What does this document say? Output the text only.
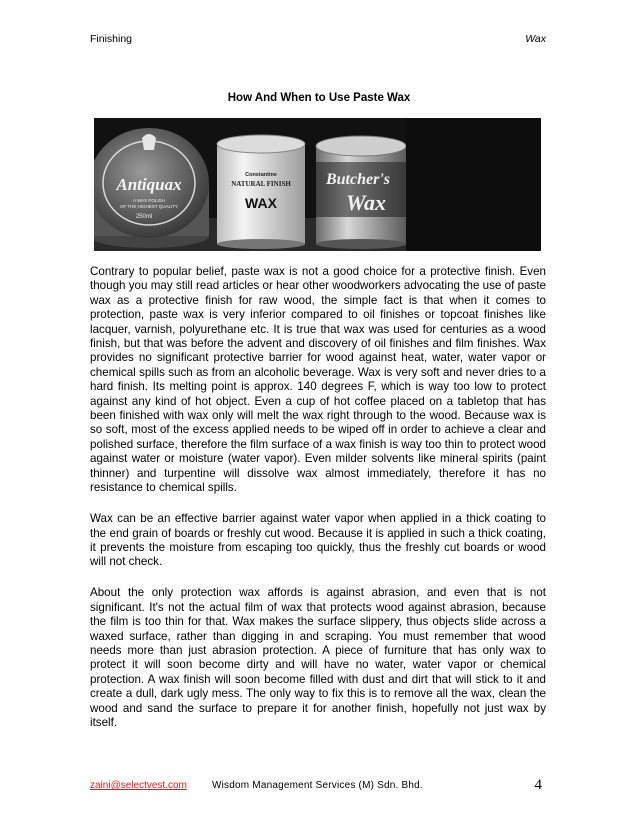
Finishing	Wax
How And When to Use Paste Wax
Antiquax
A WAX POLISH
OF THE HIGHEST QUALITY
250ml
Constantine
NATURAL FINISH
WAX
Butcher's
Wax

Contrary to popular belief, paste wax is not a good choice for a protective finish. Even though you may still read articles or hear other woodworkers advocating the use of paste wax as a protective finish for raw wood, the simple fact is that when it comes to protection, paste wax is very inferior compared to oil finishes or topcoat finishes like lacquer, varnish, polyurethane etc. It is true that wax was used for centuries as a wood finish, but that was before the advent and discovery of oil finishes and film finishes. Wax provides no significant protective barrier for wood against heat, water, water vapor or chemical spills such as from an alcoholic beverage. Wax is very soft and never dries to a hard finish. Its melting point is approx. 140 degrees F, which is way too low to protect against any kind of hot object. Even a cup of hot coffee placed on a tabletop that has been finished with wax only will melt the wax right through to the wood. Because wax is so soft, most of the excess applied needs to be wiped off in order to achieve a clear and polished surface, therefore the film surface of a wax finish is way too thin to protect wood against water or moisture (water vapor). Even milder solvents like mineral spirits (paint thinner) and turpentine will dissolve wax almost immediately, therefore it has no resistance to chemical spills.

Wax can be an effective barrier against water vapor when applied in a thick coating to the end grain of boards or freshly cut wood. Because it is applied in such a thick coating, it prevents the moisture from escaping too quickly, thus the freshly cut boards or wood will not check.

About the only protection wax affords is against abrasion, and even that is not significant. It's not the actual film of wax that protects wood against abrasion, because the film is too thin for that. Wax makes the surface slippery, thus objects slide across a waxed surface, rather than digging in and scraping. You must remember that wood needs more than just abrasion protection. A piece of furniture that has only wax to protect it will soon become dirty and will have no water, water vapor or chemical protection. A wax finish will soon become filled with dust and dirt that will stick to it and create a dull, dark ugly mess. The only way to fix this is to remove all the wax, clean the wood and sand the surface to prepare it for another finish, hopefully not just wax by itself.

zaini@selectvest.com	Wisdom Management Services (M) Sdn. Bhd.	4
